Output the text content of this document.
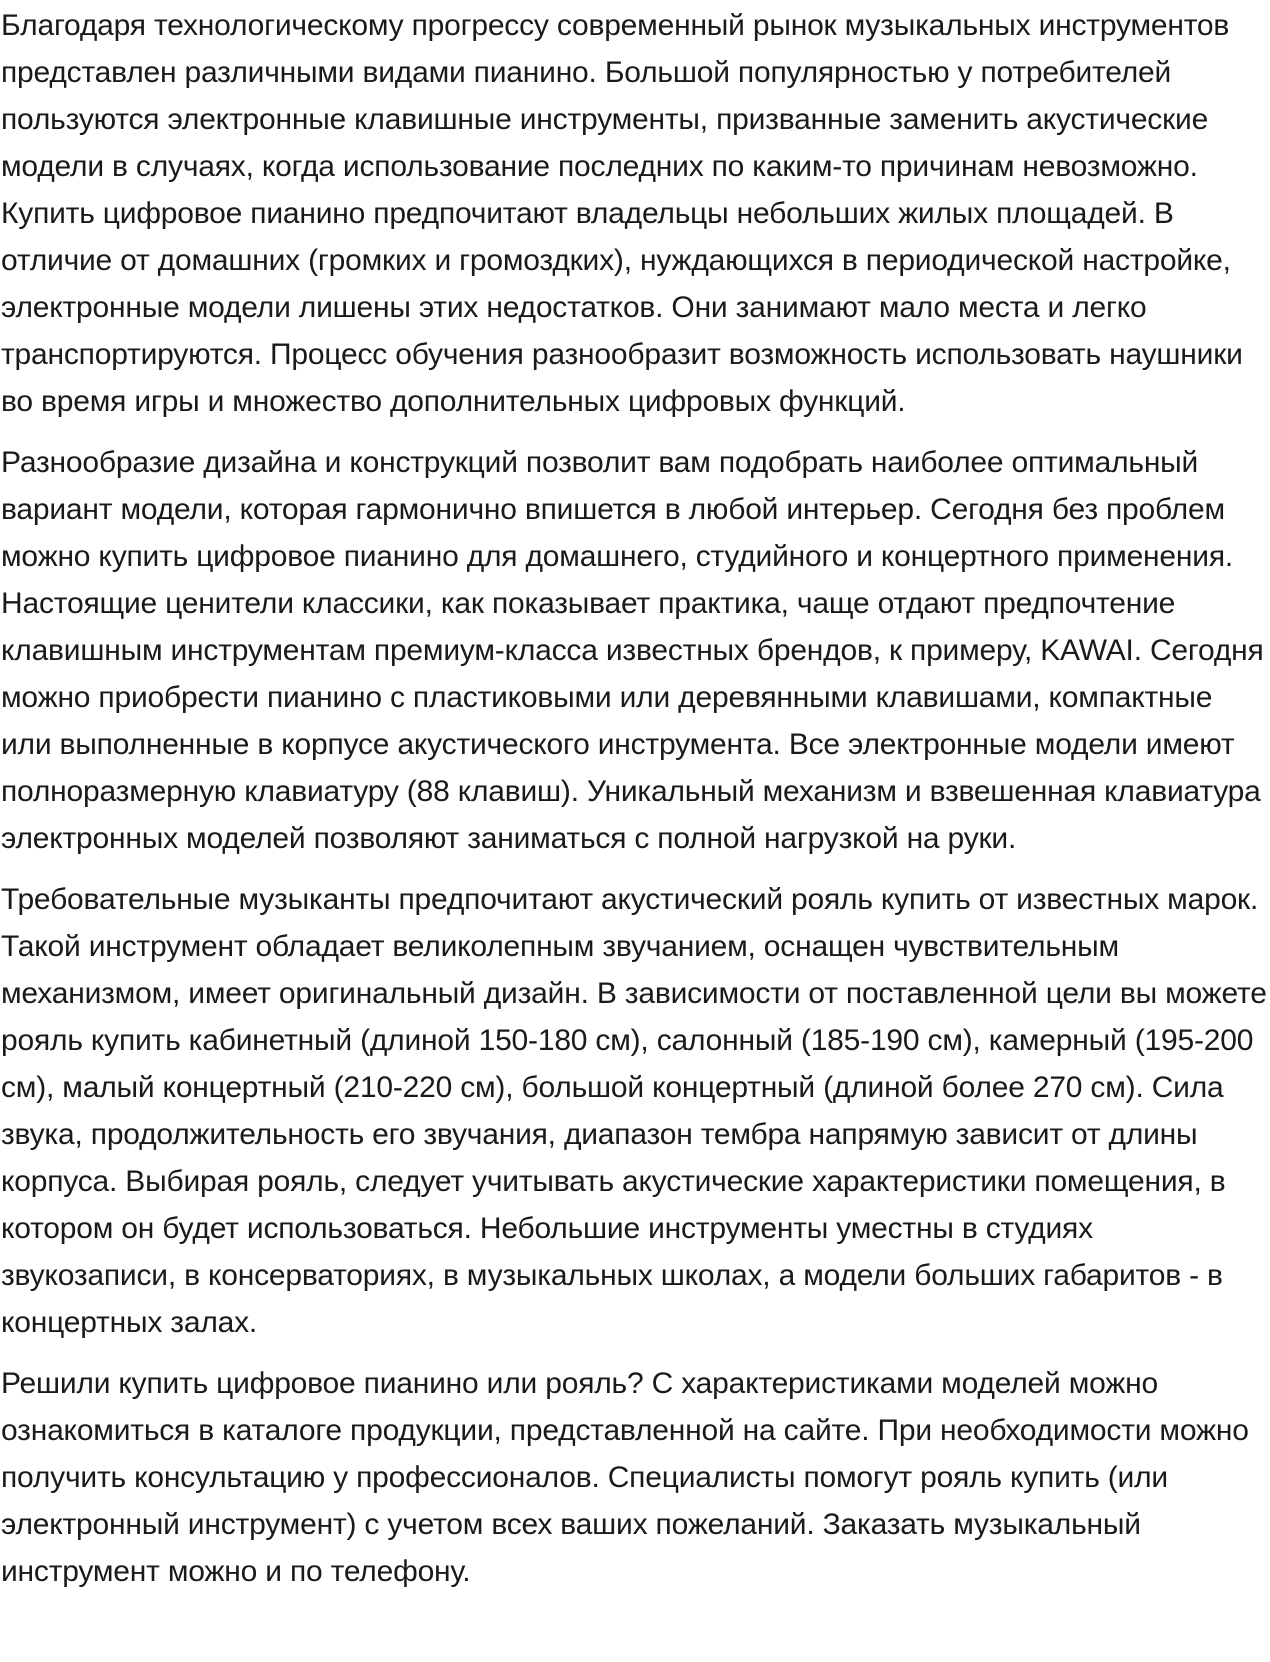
Благодаря технологическому прогрессу современный рынок музыкальных инструментов представлен различными видами пианино. Большой популярностью у потребителей пользуются электронные клавишные инструменты, призванные заменить акустические модели в случаях, когда использование последних по каким-то причинам невозможно. Купить цифровое пианино предпочитают владельцы небольших жилых площадей. В отличие от домашних (громких и громоздких), нуждающихся в периодической настройке, электронные модели лишены этих недостатков. Они занимают мало места и легко транспортируются. Процесс обучения разнообразит возможность использовать наушники во время игры и множество дополнительных цифровых функций.

Разнообразие дизайна и конструкций позволит вам подобрать наиболее оптимальный вариант модели, которая гармонично впишется в любой интерьер. Сегодня без проблем можно купить цифровое пианино для домашнего, студийного и концертного применения. Настоящие ценители классики, как показывает практика, чаще отдают предпочтение клавишным инструментам премиум-класса известных брендов, к примеру, KAWAI. Сегодня можно приобрести пианино с пластиковыми или деревянными клавишами, компактные или выполненные в корпусе акустического инструмента. Все электронные модели имеют полноразмерную клавиатуру (88 клавиш). Уникальный механизм и взвешенная клавиатура электронных моделей позволяют заниматься с полной нагрузкой на руки.

Требовательные музыканты предпочитают акустический рояль купить от известных марок. Такой инструмент обладает великолепным звучанием, оснащен чувствительным механизмом, имеет оригинальный дизайн. В зависимости от поставленной цели вы можете рояль купить кабинетный (длиной 150-180 см), салонный (185-190 см), камерный (195-200 см), малый концертный (210-220 см), большой концертный (длиной более 270 см). Сила звука, продолжительность его звучания, диапазон тембра напрямую зависит от длины корпуса. Выбирая рояль, следует учитывать акустические характеристики помещения, в котором он будет использоваться. Небольшие инструменты уместны в студиях звукозаписи, в консерваториях, в музыкальных школах, а модели больших габаритов - в концертных залах.

Решили купить цифровое пианино или рояль? С характеристиками моделей можно ознакомиться в каталоге продукции, представленной на сайте. При необходимости можно получить консультацию у профессионалов. Специалисты помогут рояль купить (или электронный инструмент) с учетом всех ваших пожеланий. Заказать музыкальный инструмент можно и по телефону.
